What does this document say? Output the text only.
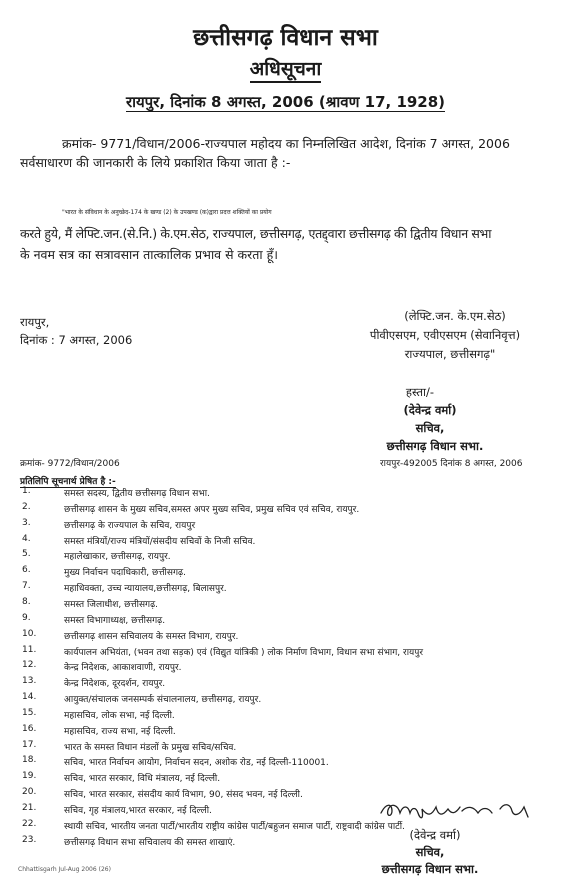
छत्तीसगढ़ विधान सभा
अधिसूचना
रायपुर, दिनांक 8 अगस्त, 2006 (श्रावण 17, 1928)
क्रमांक- 9771/विधान/2006-राज्यपाल महोदय का निम्नलिखित आदेश, दिनांक 7 अगस्त, 2006
सर्वसाधारण की जानकारी के लिये प्रकाशित किया जाता है :-
"भारत के संविधान के अनुच्छेद-174 के खण्ड (2) के उपखण्ड (क)द्वारा प्रदत्त शक्तियों का प्रयोग
करते हुये, मैं लेफ्टि.जन.(से.नि.) के.एम.सेठ, राज्यपाल, छत्तीसगढ़, एतद्द्वारा छत्तीसगढ़ की द्वितीय विधान सभा
के नवम सत्र का सत्रावसान तात्कालिक प्रभाव से करता हूँ।
रायपुर,
दिनांक : 7 अगस्त, 2006
(लेफ्टि.जन. के.एम.सेठ)
पीवीएसएम, एवीएसएम (सेवानिवृत्त)
राज्यपाल, छत्तीसगढ़"
हस्ता/-
(देवेन्द्र वर्मा)
सचिव,
छत्तीसगढ़ विधान सभा.
क्रमांक- 9772/विधान/2006	रायपुर-492005 दिनांक 8 अगस्त, 2006
प्रतिलिपि सूचनार्थ प्रेषित है :-
1.	समस्त सदस्य, द्वितीय छत्तीसगढ़ विधान सभा.
2.	छत्तीसगढ़ शासन के मुख्य सचिव,समस्त अपर मुख्य सचिव, प्रमुख सचिव एवं सचिव, रायपुर.
3.	छत्तीसगढ़ के राज्यपाल के सचिव, रायपुर
4.	समस्त मंत्रियों/राज्य मंत्रियों/संसदीय सचिवों के निजी सचिव.
5.	महालेखाकार, छत्तीसगढ़, रायपुर.
6.	मुख्य निर्वाचन पदाधिकारी, छत्तीसगढ़.
7.	महाधिवक्ता, उच्च न्यायालय,छत्तीसगढ़, बिलासपुर.
8.	समस्त जिलाधीश, छत्तीसगढ़.
9.	समस्त विभागाध्यक्ष, छत्तीसगढ़.
10.	छत्तीसगढ़ शासन सचिवालय के समस्त विभाग, रायपुर.
11.	कार्यपालन अभियंता, (भवन तथा सड़क) एवं (विद्युत यांत्रिकी ) लोक निर्माण विभाग, विधान सभा संभाग, रायपुर
12.	केन्द्र निदेशक, आकाशवाणी, रायपुर.
13.	केन्द्र निदेशक, दूरदर्शन, रायपुर.
14.	आयुक्त/संचालक जनसम्पर्क संचालनालय, छत्तीसगढ़, रायपुर.
15.	महासचिव, लोक सभा, नई दिल्ली.
16.	महासचिव, राज्य सभा, नई दिल्ली.
17.	भारत के समस्त विधान मंडलों के प्रमुख सचिव/सचिव.
18.	सचिव, भारत निर्वाचन आयोग, निर्वाचन सदन, अशोक रोड, नई दिल्ली-110001.
19.	सचिव, भारत सरकार, विधि मंत्रालय, नई दिल्ली.
20.	सचिव, भारत सरकार, संसदीय कार्य विभाग, 90, संसद भवन, नई दिल्ली.
21.	सचिव, गृह मंत्रालय,भारत सरकार, नई दिल्ली.
22.	स्थायी सचिव, भारतीय जनता पार्टी/भारतीय राष्ट्रीय कांग्रेस पार्टी/बहुजन समाज पार्टी, राष्ट्रवादी कांग्रेस पार्टी.
23.	छत्तीसगढ़ विधान सभा सचिवालय की समस्त शाखाएं.
(देवेन्द्र वर्मा)
सचिव,
छत्तीसगढ़ विधान सभा.
Chhattisgarh Jul-Aug 2006 (26)
